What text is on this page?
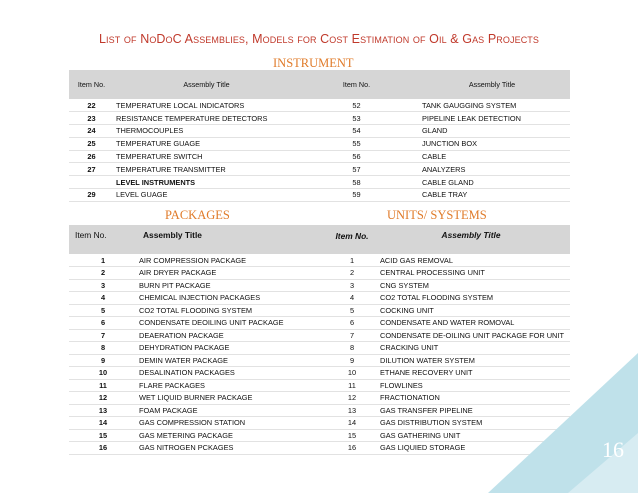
List of NoDoC Assemblies, Models for Cost Estimation of Oil & Gas Projects
INSTRUMENT
Item No.	Assembly Title	Item No.	Assembly Title
22	TEMPERATURE LOCAL INDICATORS	52	TANK GAUGGING SYSTEM
23	RESISTANCE TEMPERATURE DETECTORS	53	PIPELINE LEAK DETECTION
24	THERMOCOUPLES	54	GLAND
25	TEMPERATURE GUAGE	55	JUNCTION BOX
26	TEMPERATURE SWITCH	56	CABLE
27	TEMPERATURE TRANSMITTER	57	ANALYZERS
	LEVEL INSTRUMENTS	58	CABLE GLAND
29	LEVEL GUAGE	59	CABLE TRAY
PACKAGES	UNITS/ SYSTEMS
Item No.	Assembly Title	Item No.	Assembly Title
1	AIR COMPRESSION PACKAGE	1	ACID GAS REMOVAL
2	AIR DRYER PACKAGE	2	CENTRAL PROCESSING UNIT
3	BURN PIT PACKAGE	3	CNG SYSTEM
4	CHEMICAL INJECTION PACKAGES	4	CO2 TOTAL FLOODING SYSTEM
5	CO2 TOTAL FLOODING SYSTEM	5	COCKING UNIT
6	CONDENSATE DEOILING UNIT PACKAGE	6	CONDENSATE AND WATER ROMOVAL
7	DEAERATION PACKAGE	7	CONDENSATE DE-OILING UNIT PACKAGE FOR UNIT
8	DEHYDRATION PACKAGE	8	CRACKING UNIT
9	DEMIN WATER PACKAGE	9	DILUTION WATER SYSTEM
10	DESALINATION PACKAGES	10	ETHANE RECOVERY UNIT
11	FLARE PACKAGES	11	FLOWLINES
12	WET LIQUID BURNER PACKAGE	12	FRACTIONATION
13	FOAM PACKAGE	13	GAS TRANSFER PIPELINE
14	GAS COMPRESSION STATION	14	GAS DISTRIBUTION SYSTEM
15	GAS METERING PACKAGE	15	GAS GATHERING UNIT
16	GAS NITROGEN PCKAGES	16	GAS LIQUIED STORAGE	16
